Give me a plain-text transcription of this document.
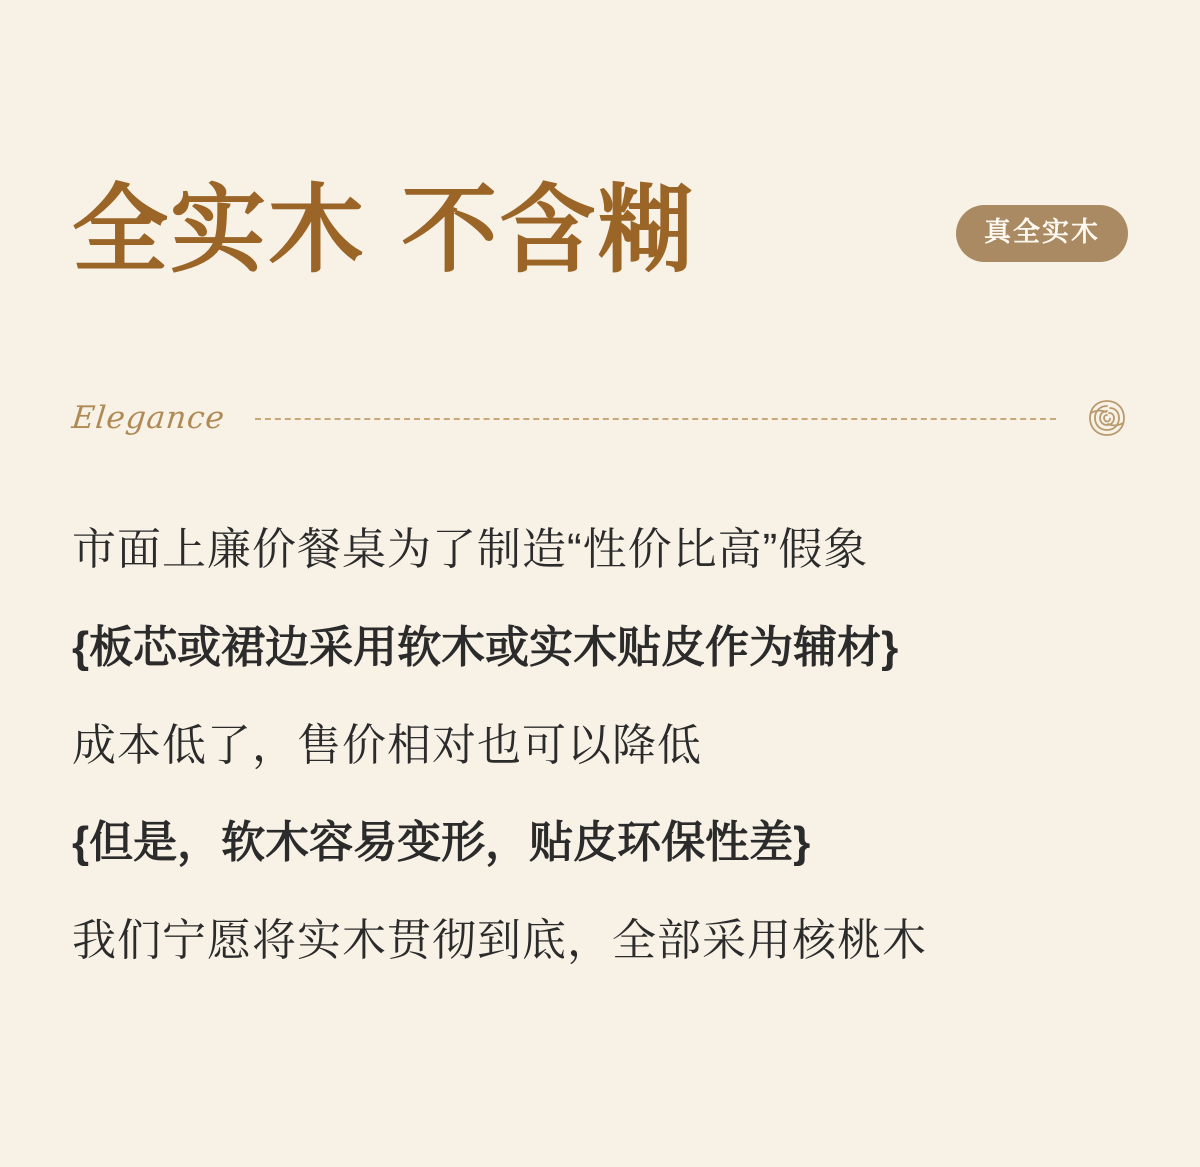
全实木 不含糊	真全实木
Elegance

市面上廉价餐桌为了制造“性价比高”假象

{板芯或裙边采用软木或实木贴皮作为辅材}

成本低了，售价相对也可以降低

{但是，软木容易变形，贴皮环保性差}

我们宁愿将实木贯彻到底，全部采用核桃木
